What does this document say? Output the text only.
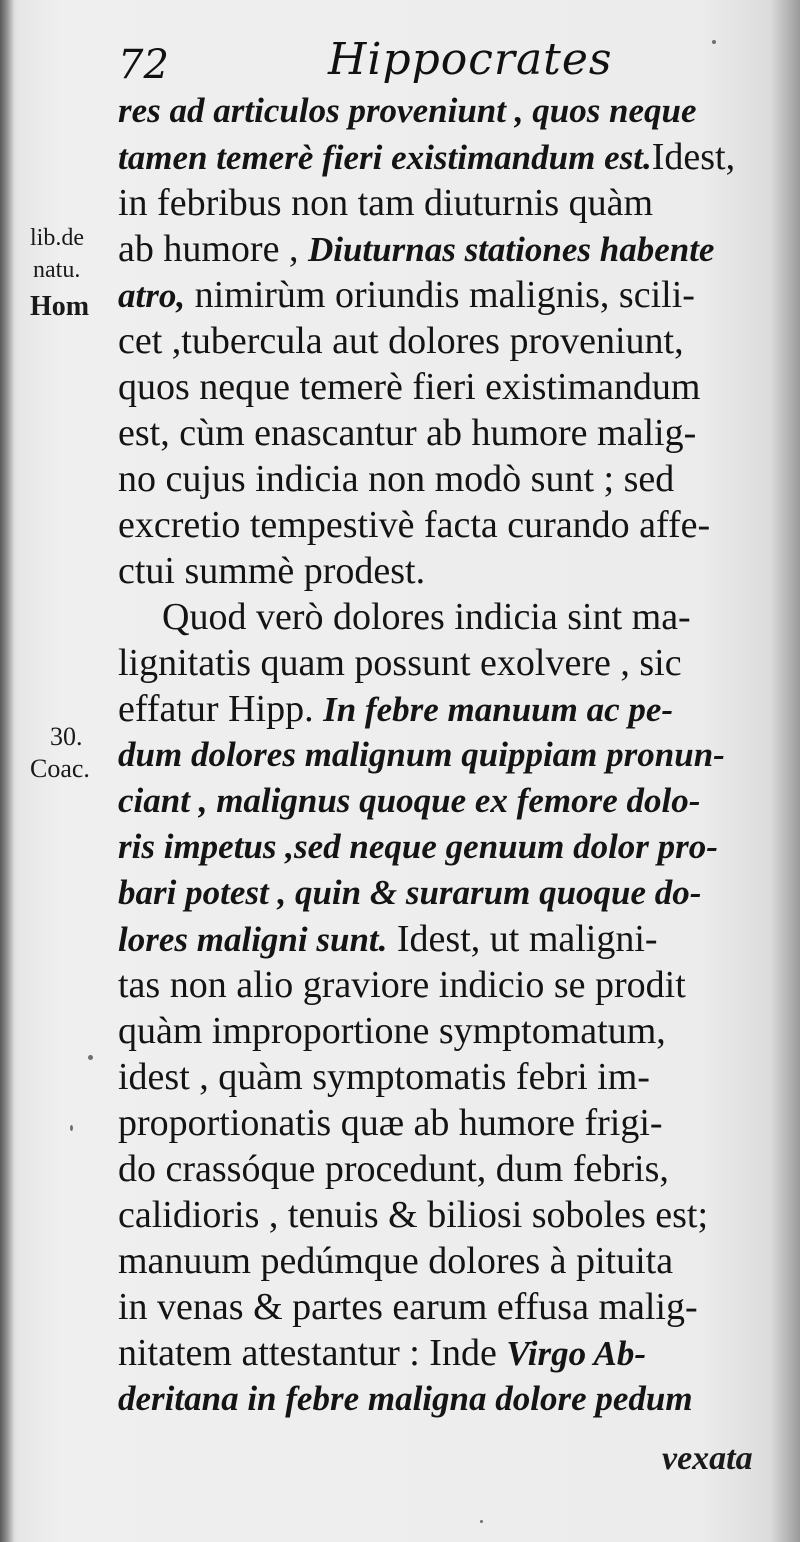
72	Hippocrates
lib.de
natu.
Hom
30.
Coac.
res ad articulos proveniunt , quos neque
tamen temerè fieri existimandum est.Idest,
in febribus non tam diuturnis quàm
ab humore , Diuturnas stationes habente
atro, nimirùm oriundis malignis, scili-
cet ,tubercula aut dolores proveniunt,
quos neque temerè fieri existimandum
est, cùm enascantur ab humore malig-
no cujus indicia non modò sunt ; sed
excretio tempestivè facta curando affe-
ctui summè prodest.
Quod verò dolores indicia sint ma-
lignitatis quam possunt exolvere , sic
effatur Hipp. In febre manuum ac pe-
dum dolores malignum quippiam pronun-
ciant , malignus quoque ex femore dolo-
ris impetus ,sed neque genuum dolor pro-
bari potest , quin & surarum quoque do-
lores maligni sunt. Idest, ut maligni-
tas non alio graviore indicio se prodit
quàm improportione symptomatum,
idest , quàm symptomatis febri im-
proportionatis quæ ab humore frigi-
do crassóque procedunt, dum febris,
calidioris , tenuis & biliosi soboles est;
manuum pedúmque dolores à pituita
in venas & partes earum effusa malig-
nitatem attestantur : Inde Virgo Ab-
deritana in febre maligna dolore pedum
vexata
